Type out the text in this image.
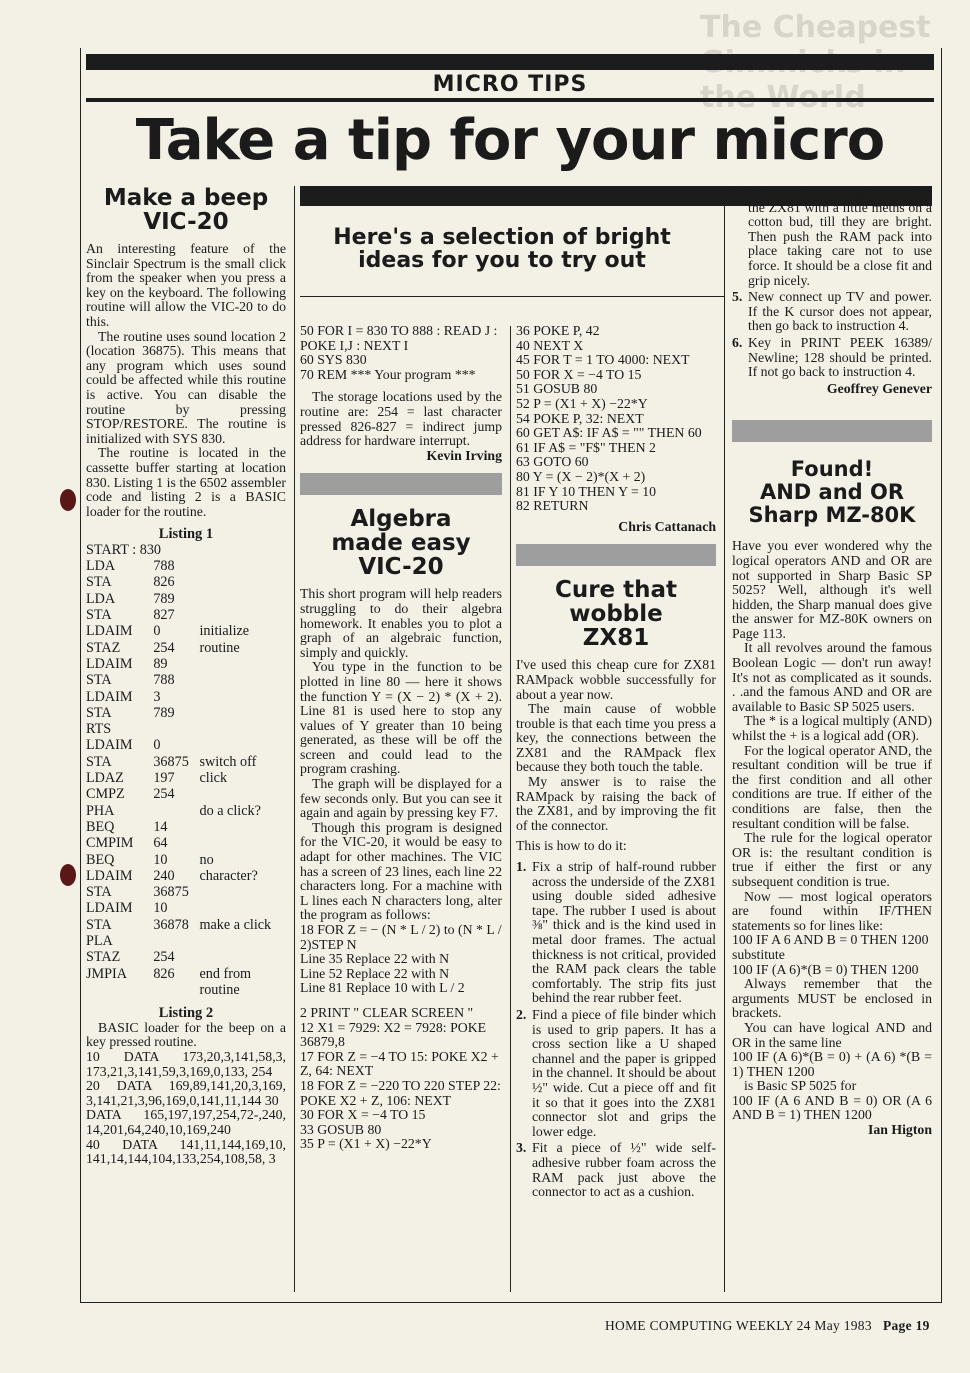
The Cheapest
MICRO TIPS
Take a tip for your micro
Make a beep
VIC-20

An interesting feature of the Sinclair Spectrum is the small click from the speaker when you press a key on the keyboard. The following routine will allow the VIC-20 to do this.

The routine uses sound location 2 (location 36875). This means that any program which uses sound could be affected while this routine is active. You can disable the routine by pressing STOP/RESTORE. The routine is initialized with SYS 830.

The routine is located in the cassette buffer starting at location 830. Listing 1 is the 6502 assembler code and listing 2 is a BASIC loader for the routine.

Listing 1
START : 830
LDA	788
STA	826
LDA	789
STA	827
LDAIM	0	initialize
STAZ	254	routine
LDAIM	89
STA	788
LDAIM	3
STA	789
RTS
LDAIM	0
STA	36875 switch off
LDAZ	197	click
CMPZ	254
PHA	do a click?
BEQ	14
CMPIM	64
BEQ	10	no
LDAIM	240	character?
STA	36875
LDAIM	10
STA	36878 make a click
PLA
STAZ	254
JMPIA	826	end from
routine
Listing 2

BASIC loader for the beep on a key pressed routine.

10 DATA 173,20,3,141,58,3, 173,21,3,141,59,3,169,0,133, 254

20 DATA 169,89,141,20,3,169, 3,141,21,3,96,169,0,141,11,144 30

DATA 165,197,197,254,72-,240, 14,201,64,240,10,169,240

40 DATA 141,11,144,169,10, 141,14,144,104,133,254,108,58, 3

Here's a selection of bright ideas for you to try out
50 FOR I = 830 TO 888 : READ J : POKE I,J : NEXT I
60 SYS 830
70 REM *** Your program ***

The storage locations used by the routine are: 254 = last character pressed 826-827 = indirect jump address for hardware interrupt.

Kevin Irving
Algebra
made easy
VIC-20

This short program will help readers struggling to do their algebra homework. It enables you to plot a graph of an algebraic function, simply and quickly.

You type in the function to be plotted in line 80 — here it shows the function Y = (X − 2) * (X + 2). Line 81 is used here to stop any values of Y greater than 10 being generated, as these will be off the screen and could lead to the program crashing.

The graph will be displayed for a few seconds only. But you can see it again and again by pressing key F7.

Though this program is designed for the VIC-20, it would be easy to adapt for other machines. The VIC has a screen of 23 lines, each line 22 characters long. For a machine with L lines each N characters long, alter the program as follows:

18 FOR Z = − (N * L / 2) to (N * L / 2)STEP N
Line 35 Replace 22 with N
Line 52 Replace 22 with N
Line 81 Replace 10 with L / 2
2 PRINT " CLEAR SCREEN "
12 X1 = 7929: X2 = 7928: POKE 36879,8
17 FOR Z = −4 TO 15: POKE X2 + Z, 64: NEXT
18 FOR Z = −220 TO 220 STEP 22: POKE X2 + Z, 106: NEXT
30 FOR X = −4 TO 15
33 GOSUB 80
35 P = (X1 + X) −22*Y
36 POKE P, 42
40 NEXT X
45 FOR T = 1 TO 4000: NEXT
50 FOR X = −4 TO 15
51 GOSUB 80
52 P = (X1 + X) −22*Y
54 POKE P, 32: NEXT
60 GET A$: IF A$ = "" THEN 60
61 IF A$ = "F$" THEN 2
63 GOTO 60
80 Y = (X − 2)*(X + 2)
81 IF Y 10 THEN Y = 10
82 RETURN
Chris Cattanach
Cure that
wobble
ZX81

I've used this cheap cure for ZX81 RAMpack wobble successfully for about a year now.

The main cause of wobble trouble is that each time you press a key, the connections between the ZX81 and the RAMpack flex because they both touch the table.

My answer is to raise the RAMpack by raising the back of the ZX81, and by improving the fit of the connector.

This is how to do it:

1. Fix a strip of half-round rubber across the underside of the ZX81 using double sided adhesive tape. The rubber I used is about ⅜" thick and is the kind used in metal door frames. The actual thickness is not critical, provided the RAM pack clears the table comfortably. The strip fits just behind the rear rubber feet.
2. Find a piece of file binder which is used to grip papers. It has a cross section like a U shaped channel and the paper is gripped in the channel. It should be about ½" wide. Cut a piece off and fit it so that it goes into the ZX81 connector slot and grips the lower edge.
3. Fit a piece of ½" wide self-adhesive rubber foam across the RAM pack just above the connector to act as a cushion.
4. Clean the contacts at the back of the ZX81 with a little meths on a cotton bud, till they are bright. Then push the RAM pack into place taking care not to use force. It should be a close fit and grip nicely.
5. New connect up TV and power. If the K cursor does not appear, then go back to instruction 4.
6. Key in PRINT PEEK 16389/ Newline; 128 should be printed. If not go back to instruction 4.
Geoffrey Genever
Found!
AND and OR
Sharp MZ-80K

Have you ever wondered why the logical operators AND and OR are not supported in Sharp Basic SP 5025? Well, although it's well hidden, the Sharp manual does give the answer for MZ-80K owners on Page 113.

It all revolves around the famous Boolean Logic — don't run away! It's not as complicated as it sounds. . .and the famous AND and OR are available to Basic SP 5025 users.

The * is a logical multiply (AND) whilst the + is a logical add (OR).

For the logical operator AND, the resultant condition will be true if the first condition and all other conditions are true. If either of the conditions are false, then the resultant condition will be false.

The rule for the logical operator OR is: the resultant condition is true if either the first or any subsequent condition is true.

Now — most logical operators are found within IF/THEN statements so for lines like:

100 IF A 6 AND B = 0 THEN 1200

substitute

100 IF (A 6)*(B = 0) THEN 1200

Always remember that the arguments MUST be enclosed in brackets.

You can have logical AND and OR in the same line

100 IF (A 6)*(B = 0) + (A 6) *(B = 1) THEN 1200

is Basic SP 5025 for

100 IF (A 6 AND B = 0) OR (A 6 AND B = 1) THEN 1200

Ian Higton
HOME COMPUTING WEEKLY 24 May 1983 Page 19
